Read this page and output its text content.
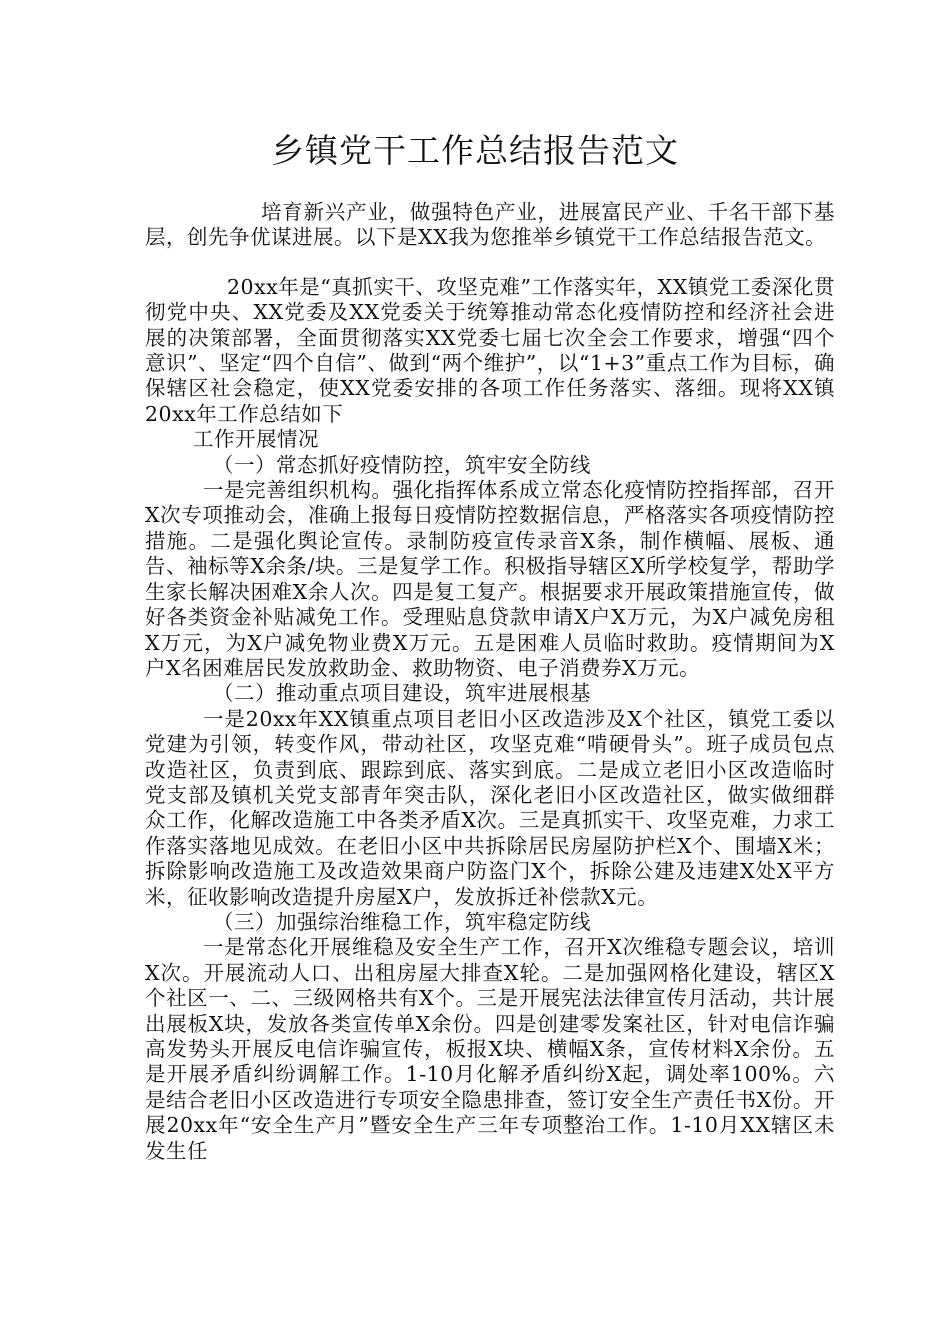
乡镇党干工作总结报告范文

培育新兴产业，做强特色产业，进展富民产业、千名干部下基层，创先争优谋进展。以下是XX我为您推举乡镇党干工作总结报告范文。

20xx年是“真抓实干、攻坚克难”工作落实年，XX镇党工委深化贯彻党中央、XX党委及XX党委关于统筹推动常态化疫情防控和经济社会进展的决策部署，全面贯彻落实XX党委七届七次全会工作要求，增强“四个意识”、坚定“四个自信”、做到“两个维护”，以“1+3”重点工作为目标，确保辖区社会稳定，使XX党委安排的各项工作任务落实、落细。现将XX镇20xx年工作总结如下

工作开展情况

（一）常态抓好疫情防控，筑牢安全防线

一是完善组织机构。强化指挥体系成立常态化疫情防控指挥部，召开X次专项推动会，准确上报每日疫情防控数据信息，严格落实各项疫情防控措施。二是强化舆论宣传。录制防疫宣传录音X条，制作横幅、展板、通告、袖标等X余条/块。三是复学工作。积极指导辖区X所学校复学，帮助学生家长解决困难X余人次。四是复工复产。根据要求开展政策措施宣传，做好各类资金补贴减免工作。受理贴息贷款申请X户X万元，为X户减免房租X万元，为X户减免物业费X万元。五是困难人员临时救助。疫情期间为X户X名困难居民发放救助金、救助物资、电子消费券X万元。

（二）推动重点项目建设，筑牢进展根基

一是20xx年XX镇重点项目老旧小区改造涉及X个社区，镇党工委以党建为引领，转变作风，带动社区，攻坚克难“啃硬骨头”。班子成员包点改造社区，负责到底、跟踪到底、落实到底。二是成立老旧小区改造临时党支部及镇机关党支部青年突击队，深化老旧小区改造社区，做实做细群众工作，化解改造施工中各类矛盾X次。三是真抓实干、攻坚克难，力求工作落实落地见成效。在老旧小区中共拆除居民房屋防护栏X个、围墙X米；拆除影响改造施工及改造效果商户防盗门X个，拆除公建及违建X处X平方米，征收影响改造提升房屋X户，发放拆迁补偿款X元。

（三）加强综治维稳工作，筑牢稳定防线

一是常态化开展维稳及安全生产工作，召开X次维稳专题会议，培训X次。开展流动人口、出租房屋大排查X轮。二是加强网格化建设，辖区X个社区一、二、三级网格共有X个。三是开展宪法法律宣传月活动，共计展出展板X块，发放各类宣传单X余份。四是创建零发案社区，针对电信诈骗高发势头开展反电信诈骗宣传，板报X块、横幅X条，宣传材料X余份。五是开展矛盾纠纷调解工作。1-10月化解矛盾纠纷X起，调处率100%。六是结合老旧小区改造进行专项安全隐患排查，签订安全生产责任书X份。开展20xx年“安全生产月”暨安全生产三年专项整治工作。1-10月XX辖区未发生任
